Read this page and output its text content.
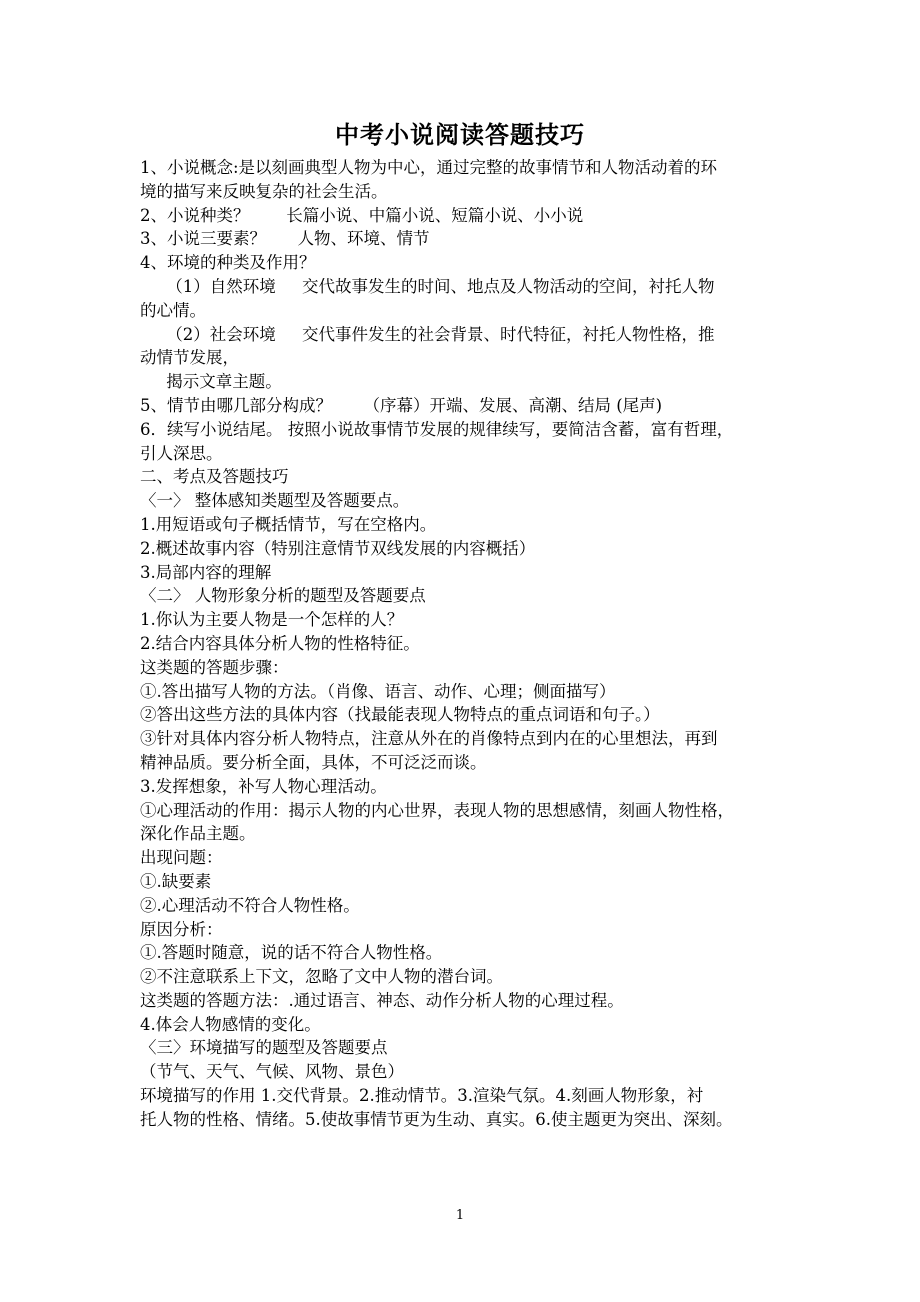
中考小说阅读答题技巧
1、小说概念:是以刻画典型人物为中心，通过完整的故事情节和人物活动着的环
境的描写来反映复杂的社会生活。
2、小说种类？       长篇小说、中篇小说、短篇小说、小小说
3、小说三要素？      人物、环境、情节
4、环境的种类及作用？
（1）自然环境     交代故事发生的时间、地点及人物活动的空间，衬托人物
的心情。
（2）社会环境     交代事件发生的社会背景、时代特征，衬托人物性格，推
动情节发展，
揭示文章主题。
5、情节由哪几部分构成？      （序幕）开端、发展、高潮、结局 (尾声)
6．续写小说结尾。 按照小说故事情节发展的规律续写，要简洁含蓄，富有哲理，
引人深思。
二、考点及答题技巧
〈一〉 整体感知类题型及答题要点。
1.用短语或句子概括情节，写在空格内。
2.概述故事内容（特别注意情节双线发展的内容概括）
3.局部内容的理解
〈二〉 人物形象分析的题型及答题要点
1.你认为主要人物是一个怎样的人？
2.结合内容具体分析人物的性格特征。
这类题的答题步骤：
①.答出描写人物的方法。（肖像、语言、动作、心理；侧面描写）
②答出这些方法的具体内容（找最能表现人物特点的重点词语和句子。）
③针对具体内容分析人物特点，注意从外在的肖像特点到内在的心里想法，再到
精神品质。要分析全面，具体，不可泛泛而谈。
3.发挥想象，补写人物心理活动。
①心理活动的作用：揭示人物的内心世界，表现人物的思想感情，刻画人物性格，
深化作品主题。
出现问题：
①.缺要素
②.心理活动不符合人物性格。
原因分析：
①.答题时随意，说的话不符合人物性格。
②不注意联系上下文，忽略了文中人物的潜台词。
这类题的答题方法：.通过语言、神态、动作分析人物的心理过程。
4.体会人物感情的变化。
〈三〉环境描写的题型及答题要点
（节气、天气、气候、风物、景色）
环境描写的作用 1.交代背景。2.推动情节。3.渲染气氛。4.刻画人物形象，衬
托人物的性格、情绪。5.使故事情节更为生动、真实。6.使主题更为突出、深刻。
1
